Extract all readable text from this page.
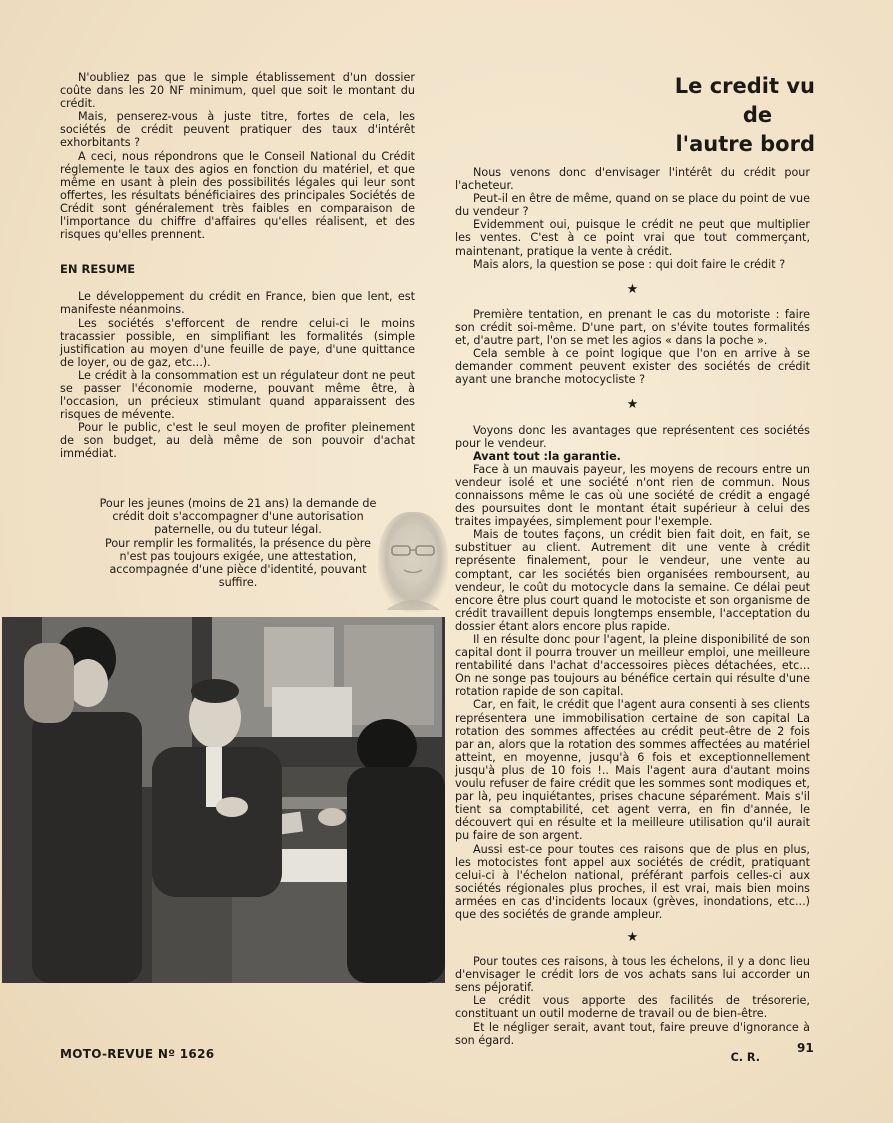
N'oubliez pas que le simple établissement d'un dossier coûte dans les 20 NF minimum, quel que soit le montant du crédit.

Mais, penserez-vous à juste titre, fortes de cela, les sociétés de crédit peuvent pratiquer des taux d'intérêt exhorbitants ?

A ceci, nous répondrons que le Conseil National du Crédit réglemente le taux des agios en fonction du matériel, et que même en usant à plein des possibilités légales qui leur sont offertes, les résultats bénéficiaires des principales Sociétés de Crédit sont généralement très faibles en comparaison de l'importance du chiffre d'affaires qu'elles réalisent, et des risques qu'elles prennent.

EN RESUME

Le développement du crédit en France, bien que lent, est manifeste néanmoins.

Les sociétés s'efforcent de rendre celui-ci le moins tracassier possible, en simplifiant les formalités (simple justification au moyen d'une feuille de paye, d'une quittance de loyer, ou de gaz, etc...).

Le crédit à la consommation est un régulateur dont ne peut se passer l'économie moderne, pouvant même être, à l'occasion, un précieux stimulant quand apparaissent des risques de mévente.

Pour le public, c'est le seul moyen de profiter pleinement de son budget, au delà même de son pouvoir d'achat immédiat.

Le credit vu
de
l'autre bord

Pour les jeunes (moins de 21 ans) la demande de crédit doit s'accompagner d'une autorisation paternelle, ou du tuteur légal.

Pour remplir les formalités, la présence du père n'est pas toujours exigée, une attestation, accompagnée d'une pièce d'identité, pouvant suffire.

Nous venons donc d'envisager l'intérêt du crédit pour l'acheteur.

Peut-il en être de même, quand on se place du point de vue du vendeur ?

Evidemment oui, puisque le crédit ne peut que multiplier les ventes. C'est à ce point vrai que tout commerçant, maintenant, pratique la vente à crédit.

Mais alors, la question se pose : qui doit faire le crédit ?

★

Première tentation, en prenant le cas du motoriste : faire son crédit soi-même. D'une part, on s'évite toutes formalités et, d'autre part, l'on se met les agios « dans la poche ».

Cela semble à ce point logique que l'on en arrive à se demander comment peuvent exister des sociétés de crédit ayant une branche motocycliste ?

★

Voyons donc les avantages que représentent ces sociétés pour le vendeur.

Avant tout :la garantie.

Face à un mauvais payeur, les moyens de recours entre un vendeur isolé et une société n'ont rien de commun. Nous connaissons même le cas où une société de crédit a engagé des poursuites dont le montant était supérieur à celui des traites impayées, simplement pour l'exemple.

Mais de toutes façons, un crédit bien fait doit, en fait, se substituer au client. Autrement dit une vente à crédit représente finalement, pour le vendeur, une vente au comptant, car les sociétés bien organisées remboursent, au vendeur, le coût du motocycle dans la semaine. Ce délai peut encore être plus court quand le motociste et son organisme de crédit travaillent depuis longtemps ensemble, l'acceptation du dossier étant alors encore plus rapide.

Il en résulte donc pour l'agent, la pleine disponibilité de son capital dont il pourra trouver un meilleur emploi, une meilleure rentabilité dans l'achat d'accessoires pièces détachées, etc... On ne songe pas toujours au bénéfice certain qui résulte d'une rotation rapide de son capital.

Car, en fait, le crédit que l'agent aura consenti à ses clients représentera une immobilisation certaine de son capital La rotation des sommes affectées au crédit peut-être de 2 fois par an, alors que la rotation des sommes affectées au matériel atteint, en moyenne, jusqu'à 6 fois et exceptionnellement jusqu'à plus de 10 fois !.. Mais l'agent aura d'autant moins voulu refuser de faire crédit que les sommes sont modiques et, par là, peu inquiétantes, prises chacune séparément. Mais s'il tient sa comptabilité, cet agent verra, en fin d'année, le découvert qui en résulte et la meilleure utilisation qu'il aurait pu faire de son argent.

Aussi est-ce pour toutes ces raisons que de plus en plus, les motocistes font appel aux sociétés de crédit, pratiquant celui-ci à l'échelon national, préférant parfois celles-ci aux sociétés régionales plus proches, il est vrai, mais bien moins armées en cas d'incidents locaux (grèves, inondations, etc...) que des sociétés de grande ampleur.

★

Pour toutes ces raisons, à tous les échelons, il y a donc lieu d'envisager le crédit lors de vos achats sans lui accorder un sens péjoratif.

Le crédit vous apporte des facilités de trésorerie, constituant un outil moderne de travail ou de bien-être.

Et le négliger serait, avant tout, faire preuve d'ignorance à son égard.

C. R.

MOTO-REVUE Nº 1626	91
